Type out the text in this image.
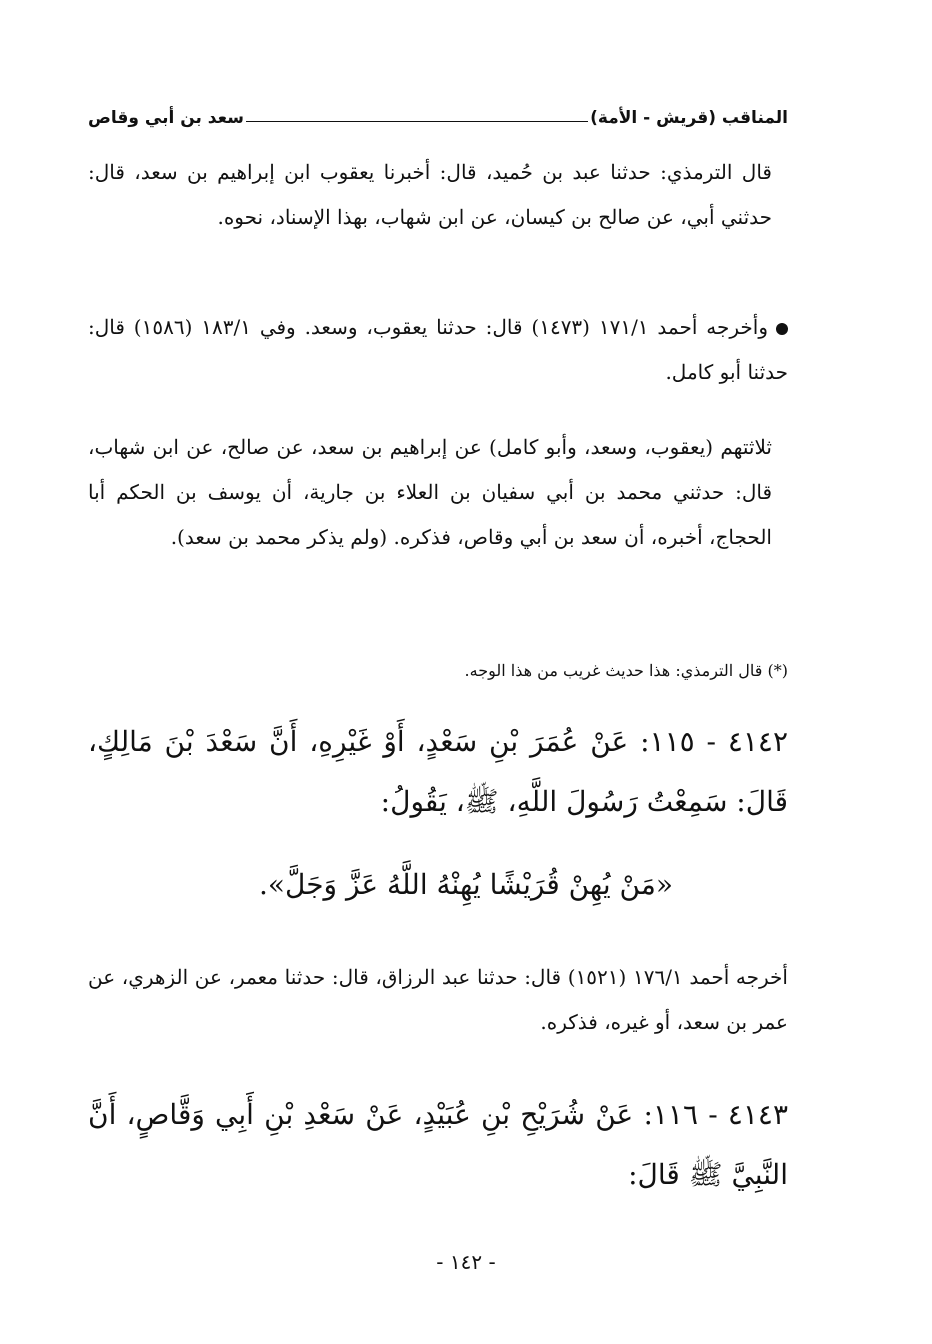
المناقب (قريش - الأمة)
سعد بن أبي وقاص
قال الترمذي: حدثنا عبد بن حُميد، قال: أخبرنا يعقوب ابن إبراهيم بن سعد، قال: حدثني أبي، عن صالح بن كيسان، عن ابن شهاب، بهذا الإسناد، نحوه.
وأخرجه أحمد ١٧١/١ (١٤٧٣) قال: حدثنا يعقوب، وسعد. وفي ١٨٣/١ (١٥٨٦) قال: حدثنا أبو كامل.
ثلاثتهم (يعقوب، وسعد، وأبو كامل) عن إبراهيم بن سعد، عن صالح، عن ابن شهاب، قال: حدثني محمد بن أبي سفيان بن العلاء بن جارية، أن يوسف بن الحكم أبا الحجاج، أخبره، أن سعد بن أبي وقاص، فذكره. (ولم يذكر محمد بن سعد).
(*) قال الترمذي: هذا حديث غريب من هذا الوجه.
٤١٤٢ - ١١٥: عَنْ عُمَرَ بْنِ سَعْدٍ، أَوْ غَيْرِهِ، أَنَّ سَعْدَ بْنَ مَالِكٍ، قَالَ: سَمِعْتُ رَسُولَ اللَّهِ، ﷺ، يَقُولُ:
«مَنْ يُهِنْ قُرَيْشًا يُهِنْهُ اللَّهُ عَزَّ وَجَلَّ».
أخرجه أحمد ١٧٦/١ (١٥٢١) قال: حدثنا عبد الرزاق، قال: حدثنا معمر، عن الزهري، عن عمر بن سعد، أو غيره، فذكره.
٤١٤٣ - ١١٦: عَنْ شُرَيْحِ بْنِ عُبَيْدٍ، عَنْ سَعْدِ بْنِ أَبِي وَقَّاصٍ، أَنَّ النَّبِيَّ ﷺ قَالَ:
- ١٤٢ -
